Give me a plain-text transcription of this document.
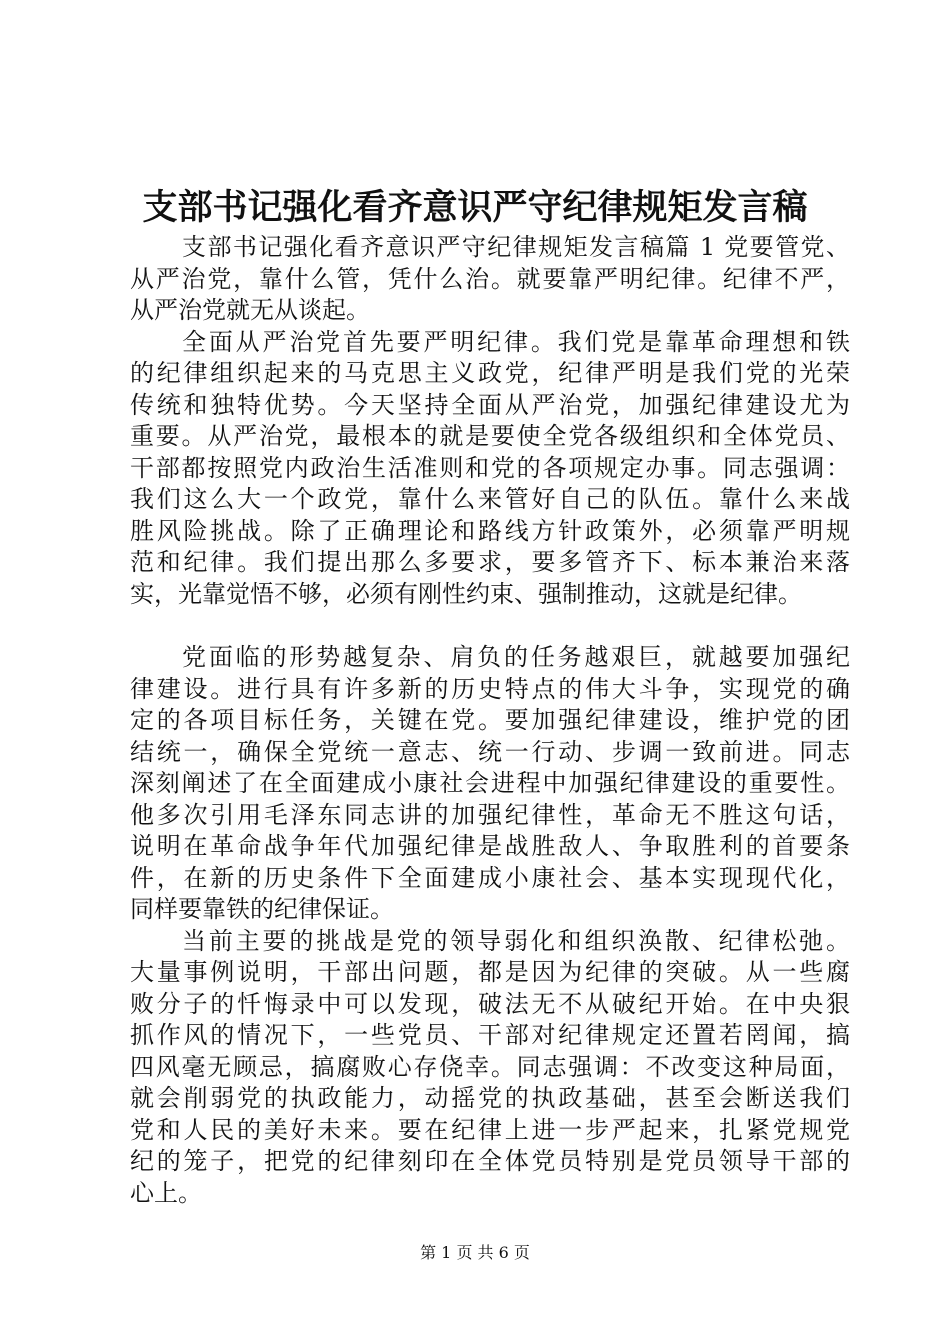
支部书记强化看齐意识严守纪律规矩发言稿
支部书记强化看齐意识严守纪律规矩发言稿篇 1 党要管党、
从严治党，靠什么管，凭什么治。就要靠严明纪律。纪律不严，
从严治党就无从谈起。
全面从严治党首先要严明纪律。我们党是靠革命理想和铁
的纪律组织起来的马克思主义政党，纪律严明是我们党的光荣
传统和独特优势。今天坚持全面从严治党，加强纪律建设尤为
重要。从严治党，最根本的就是要使全党各级组织和全体党员、
干部都按照党内政治生活准则和党的各项规定办事。同志强调：
我们这么大一个政党，靠什么来管好自己的队伍。靠什么来战
胜风险挑战。除了正确理论和路线方针政策外，必须靠严明规
范和纪律。我们提出那么多要求，要多管齐下、标本兼治来落
实，光靠觉悟不够，必须有刚性约束、强制推动，这就是纪律。
党面临的形势越复杂、肩负的任务越艰巨，就越要加强纪
律建设。进行具有许多新的历史特点的伟大斗争，实现党的确
定的各项目标任务，关键在党。要加强纪律建设，维护党的团
结统一，确保全党统一意志、统一行动、步调一致前进。同志
深刻阐述了在全面建成小康社会进程中加强纪律建设的重要性。
他多次引用毛泽东同志讲的加强纪律性，革命无不胜这句话，
说明在革命战争年代加强纪律是战胜敌人、争取胜利的首要条
件，在新的历史条件下全面建成小康社会、基本实现现代化，
同样要靠铁的纪律保证。
当前主要的挑战是党的领导弱化和组织涣散、纪律松弛。
大量事例说明，干部出问题，都是因为纪律的突破。从一些腐
败分子的忏悔录中可以发现，破法无不从破纪开始。在中央狠
抓作风的情况下，一些党员、干部对纪律规定还置若罔闻，搞
四风毫无顾忌，搞腐败心存侥幸。同志强调：不改变这种局面，
就会削弱党的执政能力，动摇党的执政基础，甚至会断送我们
党和人民的美好未来。要在纪律上进一步严起来，扎紧党规党
纪的笼子，把党的纪律刻印在全体党员特别是党员领导干部的
心上。
第 1 页 共 6 页
